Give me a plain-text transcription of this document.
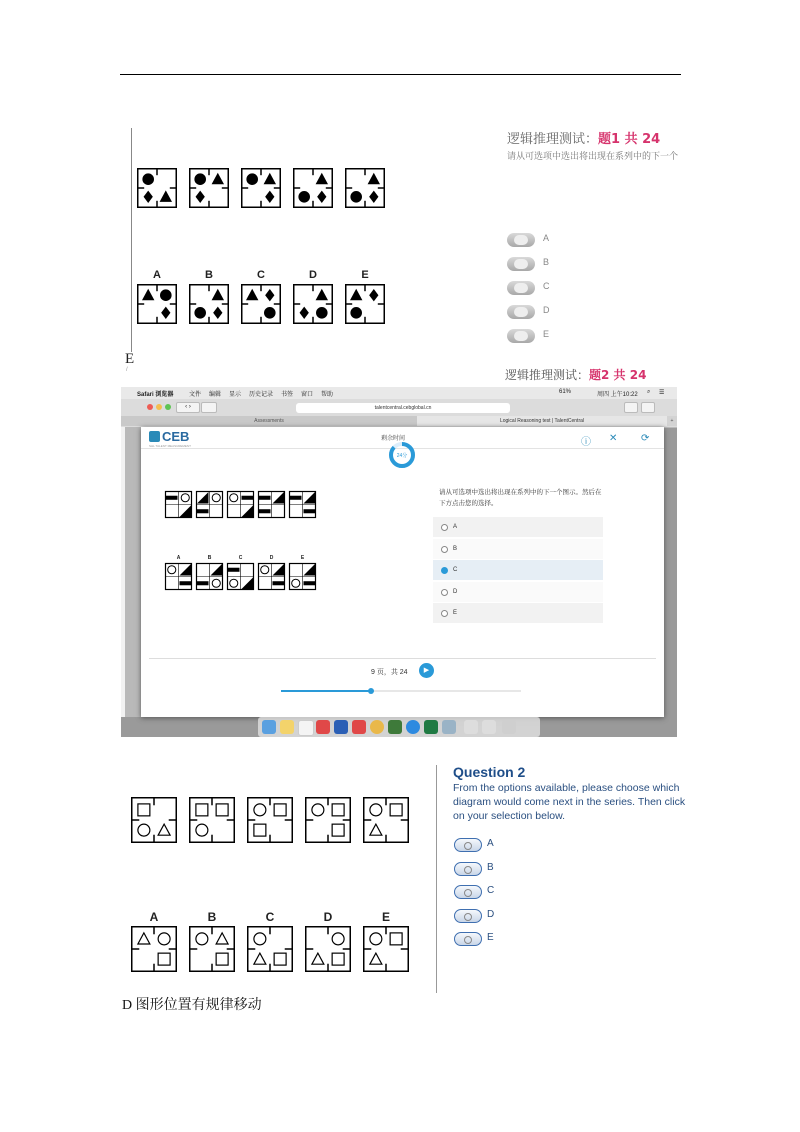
A	B	C	D	E
逻辑推理测试：题1 共 24
请从可选项中选出将出现在系列中的下一个
A
B
C
D
E
E
/	逻辑推理测试：题2 共 24
Safari 浏览器	文件 编辑 显示 历史记录 书签 窗口 帮助	61%	周四 上午10:22 ⌕ ☰
‹ ›	talentcentral.cebglobal.cn
Assessments	Logical Reasoning test | TalentCentral	+
CEB
SHL TALENT MEASUREMENT	ⓘ ✕ ⟳
剩余时间
24分
A	B	C	D	E
请从可选项中选出将出现在系列中的下一个图示。然后在下方点击您的选择。
A
B
C
D
E
9 页，共 24	▶
A	B	C	D	E
Question 2
From the options available, please choose which diagram would come next in the series. Then click on your selection below.
A
B
C
D
E
D 图形位置有规律移动
